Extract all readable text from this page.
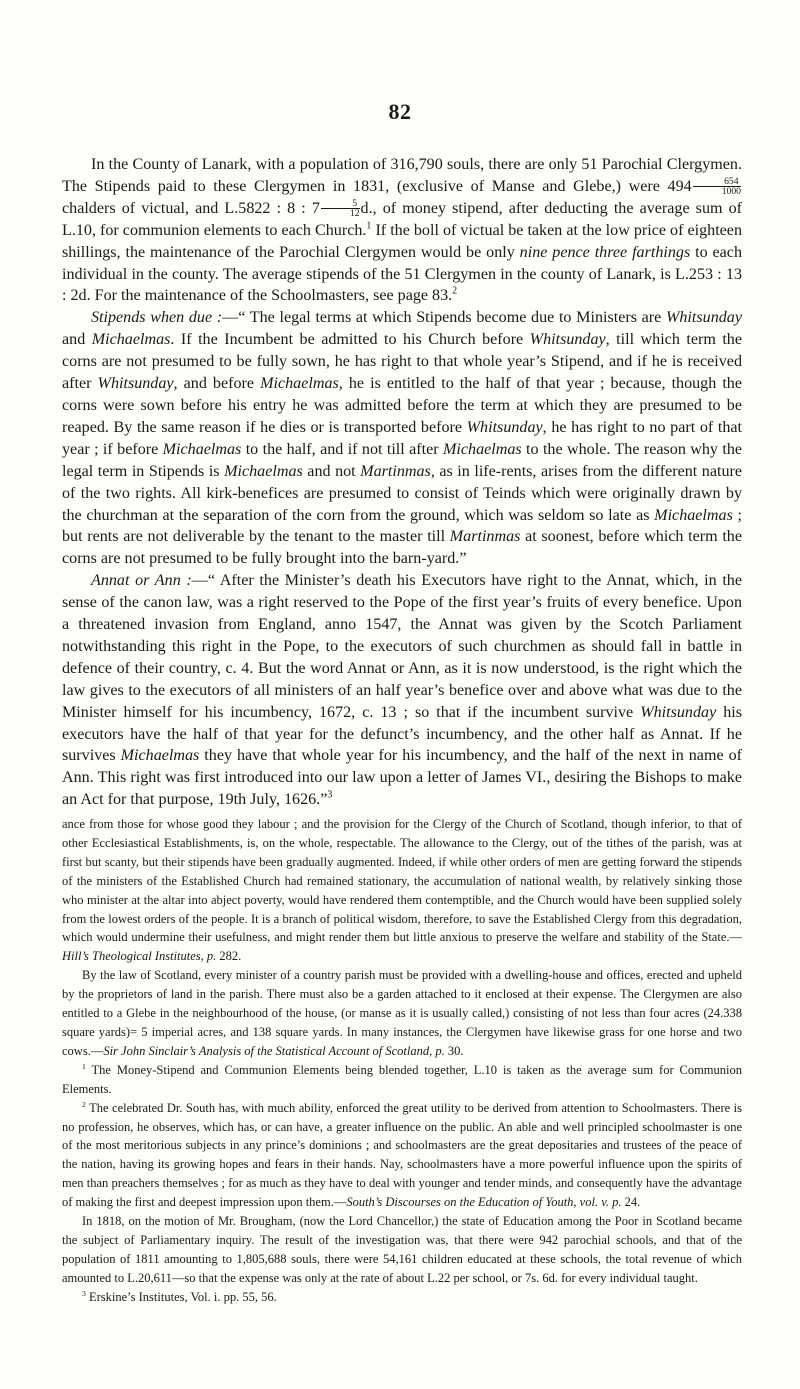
82

In the County of Lanark, with a population of 316,790 souls, there are only 51 Parochial Clergymen. The Stipends paid to these Clergymen in 1831, (exclusive of Manse and Glebe,) were $494 \frac{654}{1000}$
chalders of victual, and L.5822 : 8 : $7 \frac{5}{12} d$., of money stipend, after deducting the average sum of L.10, for communion elements to each Church.$^1$ If the boll of victual be taken at the low price of eighteen shillings, the maintenance of the Parochial Clergymen would be only nine pence three farthings to each individual in the county. The average stipends of the 51 Clergymen in the county of Lanark, is L.253 : 13 : 2d. For the maintenance of the Schoolmasters, see page 83.$^2$

Stipends when due :—“ The legal terms at which Stipends become due to Ministers are Whitsunday and Michaelmas. If the Incumbent be admitted to his Church before Whitsunday, till which term the corns are not presumed to be fully sown, he has right to that whole year’s Stipend, and if he is received after Whitsunday, and before Michaelmas, he is entitled to the half of that year ; because, though the corns were sown before his entry he was admitted before the term at which they are presumed to be reaped. By the same reason if he dies or is transported before Whitsunday, he has right to no part of that year ; if before Michaelmas to the half, and if not till after Michaelmas to the whole. The reason why the legal term in Stipends is Michaelmas and not Martinmas, as in life-rents, arises from the different nature of the two rights. All kirk-benefices are presumed to consist of Teinds which were originally drawn by the churchman at the separation of the corn from the ground, which was seldom so late as Michaelmas ; but rents are not deliverable by the tenant to the master till Martinmas at soonest, before which term the corns are not presumed to be fully brought into the barn-yard.”

Annat or Ann :—“ After the Minister’s death his Executors have right to the Annat, which, in the sense of the canon law, was a right reserved to the Pope of the first year’s fruits of every benefice. Upon a threatened invasion from England, anno 1547, the Annat was given by the Scotch Parliament notwithstanding this right in the Pope, to the executors of such churchmen as should fall in battle in defence of their country, c. 4. But the word Annat or Ann, as it is now understood, is the right which the law gives to the executors of all ministers of an half year’s benefice over and above what was due to the Minister himself for his incumbency, 1672, c. 13 ; so that if the incumbent survive Whitsunday his executors have the half of that year for the defunct’s incumbency, and the other half as Annat. If he survives Michaelmas they have that whole year for his incumbency, and the half of the next in name of Ann. This right was first introduced into our law upon a letter of James VI., desiring the Bishops to make an Act for that purpose, 19th July, 1626.”$^3$

ance from those for whose good they labour ; and the provision for the Clergy of the Church of Scotland, though inferior, to that of other Ecclesiastical Establishments, is, on the whole, respectable. The allowance to the Clergy, out of the tithes of the parish, was at first but scanty, but their stipends have been gradually augmented. Indeed, if while other orders of men are getting forward the stipends of the ministers of the Established Church had remained stationary, the accumulation of national wealth, by relatively sinking those who minister at the altar into abject poverty, would have rendered them contemptible, and the Church would have been supplied solely from the lowest orders of the people. It is a branch of political wisdom, therefore, to save the Established Clergy from this degradation, which would undermine their usefulness, and might render them but little anxious to preserve the welfare and stability of the State.—Hill’s Theological Institutes, p. 282.

By the law of Scotland, every minister of a country parish must be provided with a dwelling-house and offices, erected and upheld by the proprietors of land in the parish. There must also be a garden attached to it enclosed at their expense. The Clergymen are also entitled to a Glebe in the neighbourhood of the house, (or manse as it is usually called,) consisting of not less than four acres (24.338 square yards)= 5 imperial acres, and 138 square yards. In many instances, the Clergymen have likewise grass for one horse and two cows.—Sir John Sinclair’s Analysis of the Statistical Account of Scotland, p. 30.

$^1$ The Money-Stipend and Communion Elements being blended together, L.10 is taken as the average sum for Communion Elements.

$^2$ The celebrated Dr. South has, with much ability, enforced the great utility to be derived from attention to Schoolmasters. There is no profession, he observes, which has, or can have, a greater influence on the public. An able and well principled schoolmaster is one of the most meritorious subjects in any prince’s dominions ; and schoolmasters are the great depositaries and trustees of the peace of the nation, having its growing hopes and fears in their hands. Nay, schoolmasters have a more powerful influence upon the spirits of men than preachers themselves ; for as much as they have to deal with younger and tender minds, and consequently have the advantage of making the first and deepest impression upon them.—South’s Discourses on the Education of Youth, vol. v. p. 24.

In 1818, on the motion of Mr. Brougham, (now the Lord Chancellor,) the state of Education among the Poor in Scotland became the subject of Parliamentary inquiry. The result of the investigation was, that there were 942 parochial schools, and that of the population of 1811 amounting to 1,805,688 souls, there were 54,161 children educated at these schools, the total revenue of which amounted to L.20,611—so that the expense was only at the rate of about L.22 per school, or 7s. 6d. for every individual taught.

$^3$ Erskine’s Institutes, Vol. i. pp. 55, 56.
